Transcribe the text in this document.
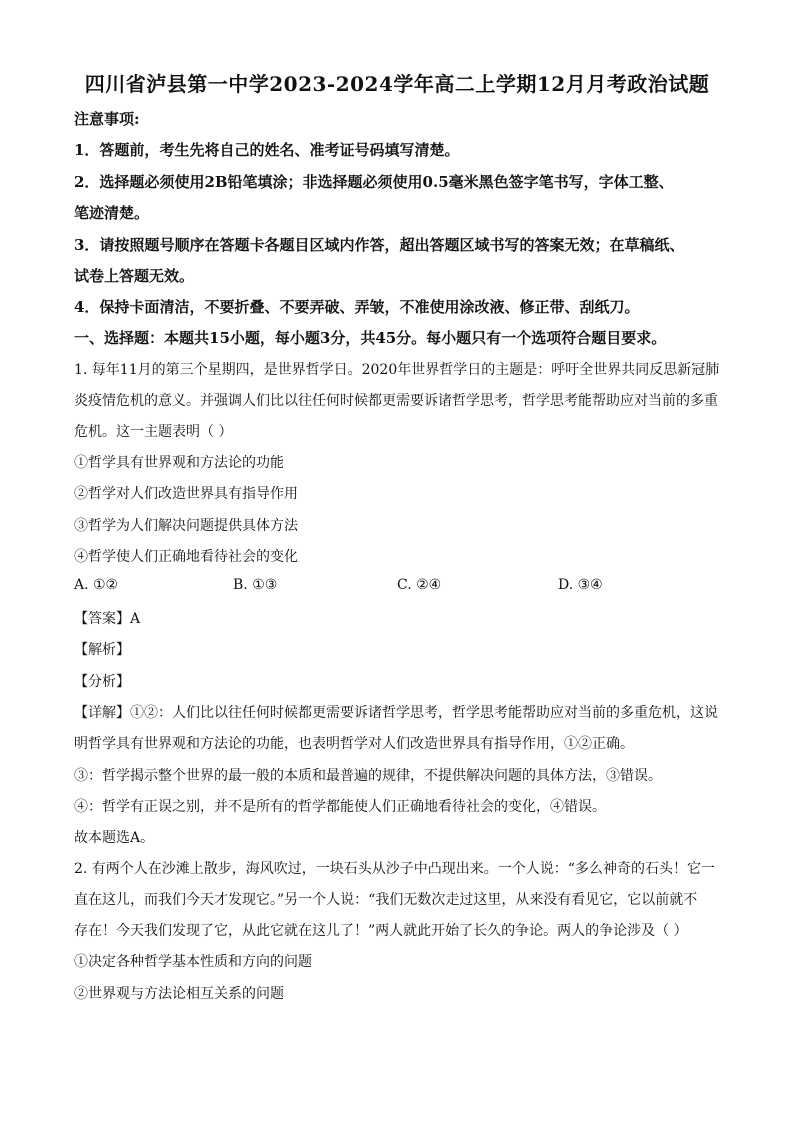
四川省泸县第一中学2023-2024学年高二上学期12月月考政治试题
注意事项:
1．答题前，考生先将自己的姓名、准考证号码填写清楚。
2．选择题必须使用2B铅笔填涂；非选择题必须使用0.5毫米黑色签字笔书写，字体工整、
笔迹清楚。
3．请按照题号顺序在答题卡各题目区域内作答，超出答题区域书写的答案无效；在草稿纸、
试卷上答题无效。
4．保持卡面清洁，不要折叠、不要弄破、弄皱，不准使用涂改液、修正带、刮纸刀。
一、选择题：本题共15小题，每小题3分，共45分。每小题只有一个选项符合题目要求。
1. 每年11月的第三个星期四，是世界哲学日。2020年世界哲学日的主题是：呼吁全世界共同反思新冠肺
炎疫情危机的意义。并强调人们比以往任何时候都更需要诉诸哲学思考，哲学思考能帮助应对当前的多重
危机。这一主题表明（ ）
①哲学具有世界观和方法论的功能
②哲学对人们改造世界具有指导作用
③哲学为人们解决问题提供具体方法
④哲学使人们正确地看待社会的变化
A. ①②	B. ①③	C. ②④	D. ③④
【答案】A
【解析】
【分析】
【详解】①②：人们比以往任何时候都更需要诉诸哲学思考，哲学思考能帮助应对当前的多重危机，这说
明哲学具有世界观和方法论的功能，也表明哲学对人们改造世界具有指导作用，①②正确。
③：哲学揭示整个世界的最一般的本质和最普遍的规律，不提供解决问题的具体方法，③错误。
④：哲学有正误之别，并不是所有的哲学都能使人们正确地看待社会的变化，④错误。
故本题选A。
2. 有两个人在沙滩上散步，海风吹过，一块石头从沙子中凸现出来。一个人说：“多么神奇的石头！它一
直在这儿，而我们今天才发现它。”另一个人说：“我们无数次走过这里，从来没有看见它，它以前就不
存在！今天我们发现了它，从此它就在这儿了！”两人就此开始了长久的争论。两人的争论涉及（ ）
①决定各种哲学基本性质和方向的问题
②世界观与方法论相互关系的问题
